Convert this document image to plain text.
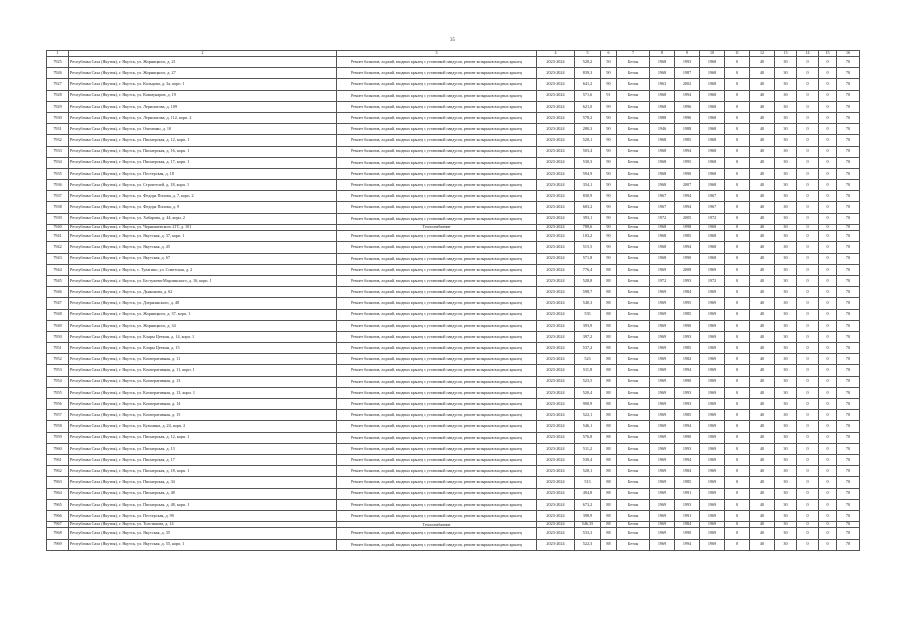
35
1	2	3	4	5	6	7	8	9	10	11	12	13	14	15	16
7925	Республика Саха (Якутия), г. Якутск, ул. Жорницкого, д. 21	Ремонт балконов, лоджий, входных крылец с установкой пандусов, ремонт козырьков входных крылец	2023-2024	520,2	50	Бетон	1968	1993	1968	0	40	30	0	0	70
7926	Республика Саха (Якутия), г. Якутск, ул. Жорницкого, д. 27	Ремонт балконов, лоджий, входных крылец с установкой пандусов, ремонт козырьков входных крылец	2023-2024	839,3	90	Бетон	1968	1987	1968	0	40	30	0	0	70
7927	Республика Саха (Якутия), г. Якутск, ул. Кольцова, д. 3а, корп. 1	Ремонт балконов, лоджий, входных крылец с установкой пандусов, ремонт козырьков входных крылец	2023-2024	641,2	90	Бетон	1963	2002	1968	0	40	30	0	0	70
7928	Республика Саха (Якутия), г. Якутск, ул. Коммунаров, д. 19	Ремонт балконов, лоджий, входных крылец с установкой пандусов, ремонт козырьков входных крылец	2023-2024	571,6	91	Бетон	1968	1994	1968	0	40	30	0	0	70
7929	Республика Саха (Якутия), г. Якутск, ул. Лермонтова, д. 109	Ремонт балконов, лоджий, входных крылец с установкой пандусов, ремонт козырьков входных крылец	2023-2024	621,0	99	Бетон	1968	1996	1968	0	40	30	0	0	70
7930	Республика Саха (Якутия), г. Якутск, ул. Лермонтова, д. 112, корп. 2	Ремонт балконов, лоджий, входных крылец с установкой пандусов, ремонт козырьков входных крылец	2023-2024	578,2	90	Бетон	1988	1996	1968	0	40	30	0	0	70
7931	Республика Саха (Якутия), г. Якутск, ул. Очиченко, д. 10	Ремонт балконов, лоджий, входных крылец с установкой пандусов, ремонт козырьков входных крылец	2023-2024	280,3	90	Бетон	1946	1988	1968	0	40	30	0	0	70
7932	Республика Саха (Якутия), г. Якутск, ул. Пионерская, д. 12, корп. 1	Ремонт балконов, лоджий, входных крылец с установкой пандусов, ремонт козырьков входных крылец	2023-2024	520,1	90	Бетон	1968	1985	1968	0	40	30	0	0	70
7933	Республика Саха (Якутия), г. Якутск, ул. Пионерская, д. 16, корп. 1	Ремонт балконов, лоджий, входных крылец с установкой пандусов, ремонт козырьков входных крылец	2023-2024	503,4	90	Бетон	1968	1994	1968	0	40	30	0	0	70
7934	Республика Саха (Якутия), г. Якутск, ул. Пионерская, д. 17, корп. 1	Ремонт балконов, лоджий, входных крылец с установкой пандусов, ремонт козырьков входных крылец	2023-2024	530,3	90	Бетон	1968	1995	1968	0	40	30	0	0	70
7935	Республика Саха (Якутия), г. Якутск, ул. Пестерская, д. 18	Ремонт балконов, лоджий, входных крылец с установкой пандусов, ремонт козырьков входных крылец	2023-2024	594,9	90	Бетон	1968	1990	1968	0	40	30	0	0	70
7936	Республика Саха (Якутия), г. Якутск, ул. Строителей, д. 18, корп. 1	Ремонт балконов, лоджий, входных крылец с установкой пандусов, ремонт козырьков входных крылец	2023-2024	354,1	90	Бетон	1968	2007	1968	0	40	30	0	0	70
7937	Республика Саха (Якутия), г. Якутск, ул. Федора Попова, д. 7, корп. 2	Ремонт балконов, лоджий, входных крылец с установкой пандусов, ремонт козырьков входных крылец	2023-2024	830,9	90	Бетон	1967	1994	1967	0	40	30	0	0	70
7938	Республика Саха (Якутия), г. Якутск, ул. Федора Попова, д. 9	Ремонт балконов, лоджий, входных крылец с установкой пандусов, ремонт козырьков входных крылец	2023-2024	603,2	90	Бетон	1967	1994	1967	0	40	30	0	0	70
7939	Республика Саха (Якутия), г. Якутск, ул. Хабарова, д. 44, корп. 2	Ремонт балконов, лоджий, входных крылец с установкой пандусов, ремонт козырьков входных крылец	2023-2024	393,1	90	Бетон	1972	2005	1972	0	40	30	0	0	70
7940	Республика Саха (Якутия), г. Якутск, ул. Чернышевского 21Т, д. 101	Теплоснабжение	2023-2024	788,6	90	Бетон	1968	1998	1968	0	40	30	0	0	70
7941	Республика Саха (Якутия), г. Якутск, ул. Якутская, д. 37, корп. 1	Ремонт балконов, лоджий, входных крылец с установкой пандусов, ремонт козырьков входных крылец	2023-2024	103,2	90	Бетон	1968	1985	1968	0	40	30	0	0	70
7942	Республика Саха (Якутия), г. Якутск, ул. Якутская, д. 45	Ремонт балконов, лоджий, входных крылец с установкой пандусов, ремонт козырьков входных крылец	2023-2024	515,5	90	Бетон	1968	1994	1968	0	40	30	0	0	70
7943	Республика Саха (Якутия), г. Якутск, ул. Якутская, д. 67	Ремонт балконов, лоджий, входных крылец с установкой пандусов, ремонт козырьков входных крылец	2023-2024	571,8	90	Бетон	1968	1990	1968	0	40	30	0	0	70
7944	Республика Саха (Якутия), г. Якутск, с. Тулагино, ул. Советская, д. 2	Ремонт балконов, лоджий, входных крылец с установкой пандусов, ремонт козырьков входных крылец	2023-2024	776,4	88	Бетон	1969	2008	1969	0	40	30	0	0	70
7945	Республика Саха (Якутия), г. Якутск, ул. Бестужева-Марлинского, д. 16, корп. 1	Ремонт балконов, лоджий, входных крылец с установкой пандусов, ремонт козырьков входных крылец	2023-2024	528,8	88	Бетон	1972	1993	1972	0	40	30	0	0	70
7946	Республика Саха (Якутия), г. Якутск, ул. Дьяконова, д. 62	Ремонт балконов, лоджий, входных крылец с установкой пандусов, ремонт козырьков входных крылец	2023-2024	598,7	88	Бетон	1969	1984	1969	0	40	30	0	0	70
7947	Республика Саха (Якутия), г. Якутск, ул. Дзержинского, д. 48	Ремонт балконов, лоджий, входных крылец с установкой пандусов, ремонт козырьков входных крылец	2023-2024	540,3	88	Бетон	1969	1995	1969	0	40	30	0	0	70
7948	Республика Саха (Якутия), г. Якутск, ул. Жорницкого, д. 37, корп. 1	Ремонт балконов, лоджий, входных крылец с установкой пандусов, ремонт козырьков входных крылец	2023-2024	535	88	Бетон	1969	1985	1969	0	40	30	0	0	70
7949	Республика Саха (Якутия), г. Якутск, ул. Жорницкого, д. 34	Ремонт балконов, лоджий, входных крылец с установкой пандусов, ремонт козырьков входных крылец	2023-2024	393,9	88	Бетон	1969	1990	1969	0	40	30	0	0	70
7950	Республика Саха (Якутия), г. Якутск, ул. Клары Цеткин, д. 14, корп. 1	Ремонт балконов, лоджий, входных крылец с установкой пандусов, ремонт козырьков входных крылец	2023-2024	397,2	88	Бетон	1969	1993	1969	0	40	30	0	0	70
7951	Республика Саха (Якутия), г. Якутск, ул. Клары Цеткин, д. 15	Ремонт балконов, лоджий, входных крылец с установкой пандусов, ремонт козырьков входных крылец	2023-2024	537,2	88	Бетон	1969	1985	1969	0	40	30	0	0	70
7952	Республика Саха (Якутия), г. Якутск, ул. Кооперативная, д. 11	Ремонт балконов, лоджий, входных крылец с установкой пандусов, ремонт козырьков входных крылец	2023-2024	523	88	Бетон	1969	1982	1969	0	40	30	0	0	70
7953	Республика Саха (Якутия), г. Якутск, ул. Кооперативная, д. 11, корп. 1	Ремонт балконов, лоджий, входных крылец с установкой пандусов, ремонт козырьков входных крылец	2023-2024	511,8	88	Бетон	1969	1994	1969	0	40	30	0	0	70
7954	Республика Саха (Якутия), г. Якутск, ул. Кооперативная, д. 13	Ремонт балконов, лоджий, входных крылец с установкой пандусов, ремонт козырьков входных крылец	2023-2024	523,5	88	Бетон	1969	1990	1969	0	40	30	0	0	70
7955	Республика Саха (Якутия), г. Якутск, ул. Кооперативная, д. 13, корп. 1	Ремонт балконов, лоджий, входных крылец с установкой пандусов, ремонт козырьков входных крылец	2023-2024	520,4	88	Бетон	1969	1993	1969	0	40	30	0	0	70
7956	Республика Саха (Якутия), г. Якутск, ул. Кооперативная, д. 14	Ремонт балконов, лоджий, входных крылец с установкой пандусов, ремонт козырьков входных крылец	2023-2024	900,9	88	Бетон	1969	1993	1969	0	40	30	0	0	70
7957	Республика Саха (Якутия), г. Якутск, ул. Кооперативная, д. 15	Ремонт балконов, лоджий, входных крылец с установкой пандусов, ремонт козырьков входных крылец	2023-2024	522,1	88	Бетон	1969	1985	1969	0	40	30	0	0	70
7958	Республика Саха (Якутия), г. Якутск, ул. Кузьмина, д. 24, корп. 2	Ремонт балконов, лоджий, входных крылец с установкой пандусов, ремонт козырьков входных крылец	2023-2024	546,1	88	Бетон	1969	1994	1969	0	40	30	0	0	70
7959	Республика Саха (Якутия), г. Якутск, ул. Пионерская, д. 12, корп. 1	Ремонт балконов, лоджий, входных крылец с установкой пандусов, ремонт козырьков входных крылец	2023-2024	576,8	88	Бетон	1969	1990	1969	0	40	30	0	0	70
7960	Республика Саха (Якутия), г. Якутск, ул. Пионерская, д. 13	Ремонт балконов, лоджий, входных крылец с установкой пандусов, ремонт козырьков входных крылец	2023-2024	511,2	88	Бетон	1969	1993	1969	0	40	30	0	0	70
7961	Республика Саха (Якутия), г. Якутск, ул. Пионерская, д. 17	Ремонт балконов, лоджий, входных крылец с установкой пандусов, ремонт козырьков входных крылец	2023-2024	530,4	88	Бетон	1969	1994	1969	0	40	30	0	0	70
7962	Республика Саха (Якутия), г. Якутск, ул. Пионерская, д. 18, корп. 1	Ремонт балконов, лоджий, входных крылец с установкой пандусов, ремонт козырьков входных крылец	2023-2024	528,1	88	Бетон	1969	1984	1969	0	40	30	0	0	70
7963	Республика Саха (Якутия), г. Якутск, ул. Пионерская, д. 34	Ремонт балконов, лоджий, входных крылец с установкой пандусов, ремонт козырьков входных крылец	2023-2024	513	88	Бетон	1969	1985	1969	0	40	30	0	0	70
7964	Республика Саха (Якутия), г. Якутск, ул. Пионерская, д. 48	Ремонт балконов, лоджий, входных крылец с установкой пандусов, ремонт козырьков входных крылец	2023-2024	494,8	88	Бетон	1969	1991	1969	0	40	30	0	0	70
7965	Республика Саха (Якутия), г. Якутск, ул. Пионерская, д. 48, корп. 1	Ремонт балконов, лоджий, входных крылец с установкой пандусов, ремонт козырьков входных крылец	2023-2024	673,2	88	Бетон	1969	1993	1969	0	40	30	0	0	70
7966	Республика Саха (Якутия), г. Якутск, ул. Пестерская, д. 90	Ремонт балконов, лоджий, входных крылец с установкой пандусов, ремонт козырьков входных крылец	2023-2024	398,9	88	Бетон	1969	1991	1969	0	40	30	0	0	70
7967	Республика Саха (Якутия), г. Якутск, ул. Толстикова, д. 14	Теплоснабжение	2023-2024	546,35	88	Бетон	1969	1984	1969	0	40	30	0	0	70
7968	Республика Саха (Якутия), г. Якутск, ул. Якутская, д. 35	Ремонт балконов, лоджий, входных крылец с установкой пандусов, ремонт козырьков входных крылец	2023-2024	533,3	88	Бетон	1969	1990	1969	0	40	30	0	0	70
7969	Республика Саха (Якутия), г. Якутск, ул. Якутская, д. 55, корп. 1	Ремонт балконов, лоджий, входных крылец с установкой пандусов, ремонт козырьков входных крылец	2023-2024	522,3	88	Бетон	1969	1994	1969	0	40	30	0	0	70
